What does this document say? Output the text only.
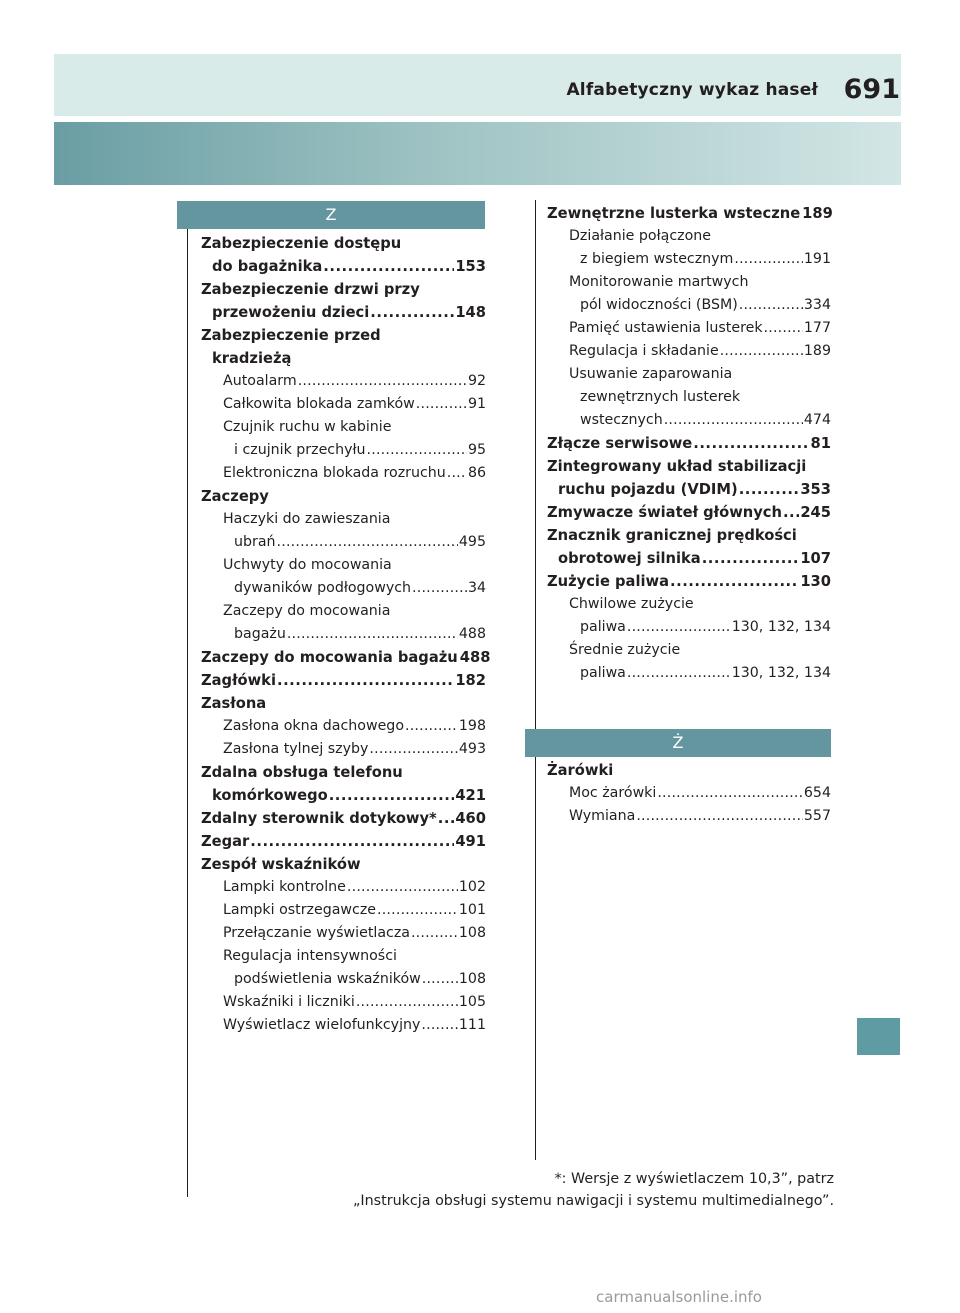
Alfabetyczny wykaz haseł 691
Z
Ż
Zabezpieczenie dostępu
do bagażnika .....	153
Zabezpieczenie drzwi przy
przewożeniu dzieci .....	148
Zabezpieczenie przed
kradzieżą
Autoalarm .....	92
Całkowita blokada zamków .....	91
Czujnik ruchu w kabinie
i czujnik przechyłu .....	95
Elektroniczna blokada rozruchu ..... 86
Zaczepy
Haczyki do zawieszania
ubrań .....	495
Uchwyty do mocowania
dywaników podłogowych .....	34
Zaczepy do mocowania
bagażu .....	488
Zaczepy do mocowania bagażu 488
Zagłówki .....	182
Zasłona
Zasłona okna dachowego .....	198
Zasłona tylnej szyby .....	493
Zdalna obsługa telefonu
komórkowego .....	421
Zdalny sterownik dotykowy* ..... 460
Zegar .....	491
Zespół wskaźników
Lampki kontrolne .....	102
Lampki ostrzegawcze .....	101
Przełączanie wyświetlacza .....	108
Regulacja intensywności
podświetlenia wskaźników .....	108
Wskaźniki i liczniki .....	105
Wyświetlacz wielofunkcyjny .....	111
Zewnętrzne lusterka wsteczne 189
Działanie połączone
z biegiem wstecznym .....	191
Monitorowanie martwych
pól widoczności (BSM) .....	334
Pamięć ustawienia lusterek .....	177
Regulacja i składanie .....	189
Usuwanie zaparowania
zewnętrznych lusterek
wstecznych .....	474
Złącze serwisowe .....	81
Zintegrowany układ stabilizacji
ruchu pojazdu (VDIM) .....	353
Zmywacze świateł głównych ..... 245
Znacznik granicznej prędkości
obrotowej silnika .....	107
Zużycie paliwa .....	130
Chwilowe zużycie
paliwa .....	130, 132, 134
Średnie zużycie
paliwa .....	130, 132, 134
Żarówki
Moc żarówki .....	654
Wymiana .....	557
*: Wersje z wyświetlaczem 10,3”, patrz
„Instrukcja obsługi systemu nawigacji i systemu multimedialnego”.
carmanualsonline.info
